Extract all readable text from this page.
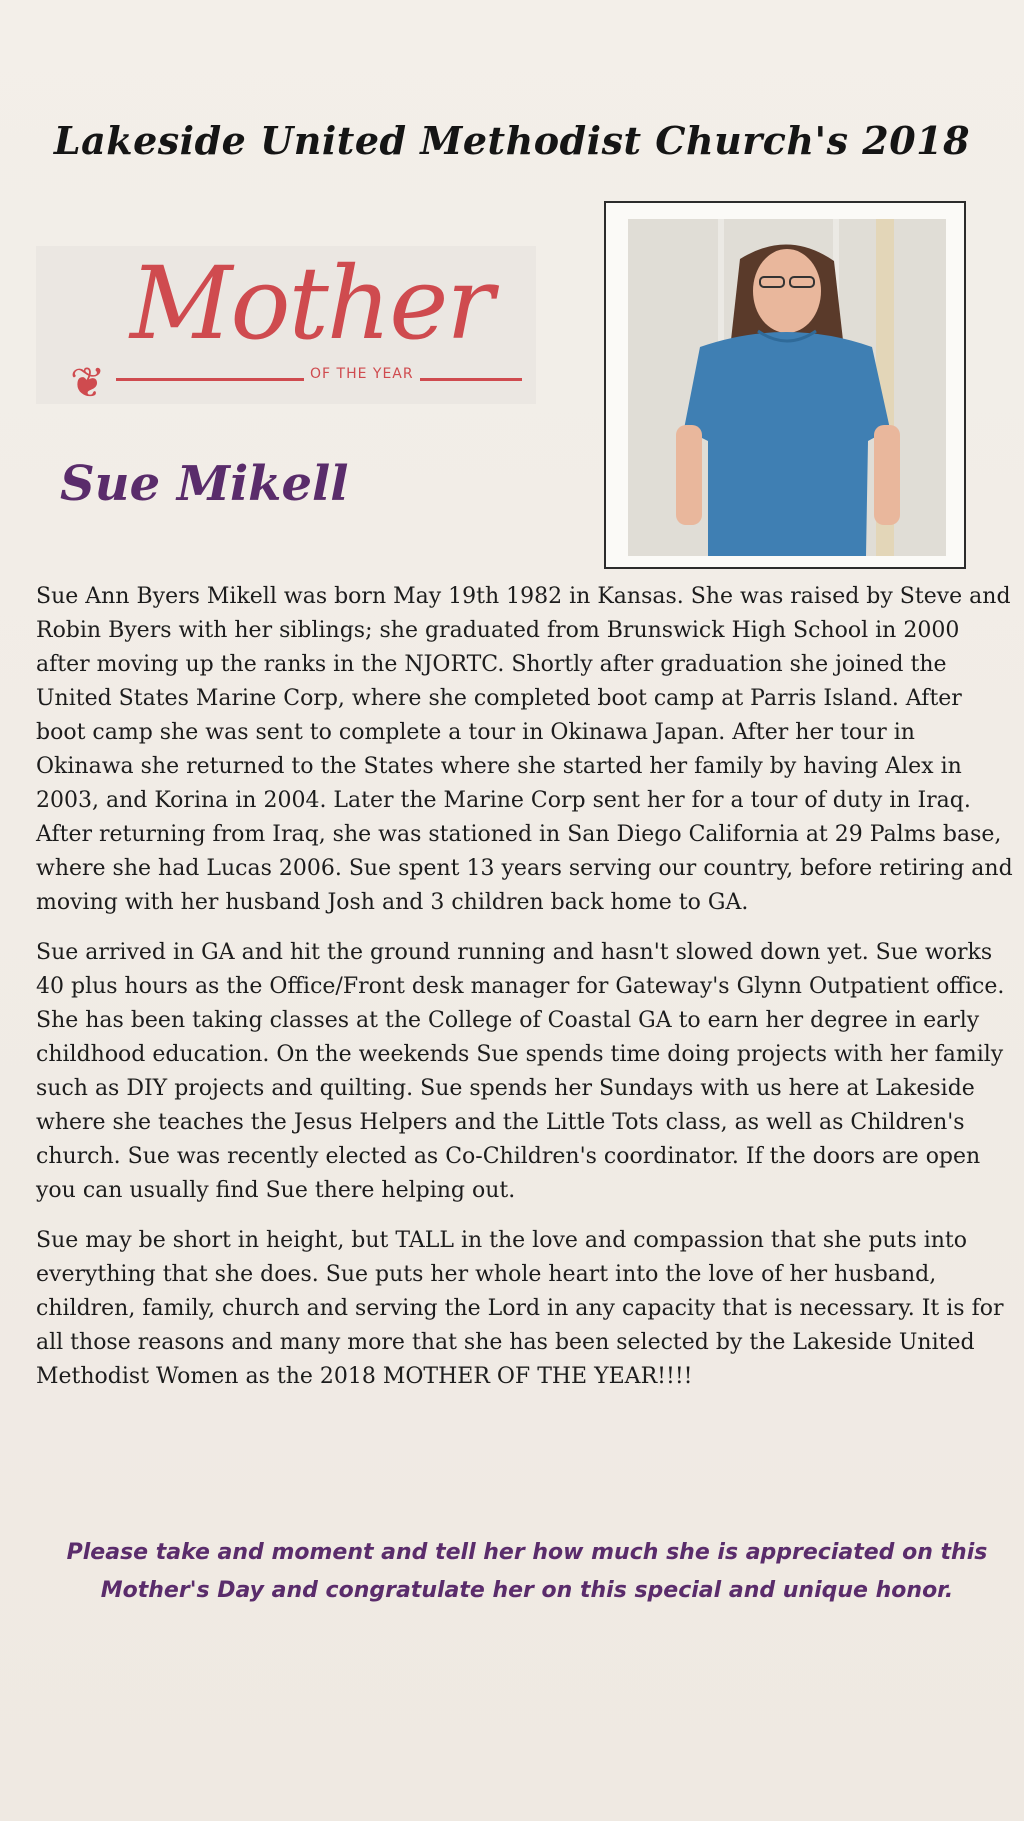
Lakeside United Methodist Church's 2018
Mother
❦	OF THE YEAR
Sue Mikell

Sue Ann Byers Mikell was born May 19th 1982 in Kansas. She was raised by Steve and Robin Byers with her siblings; she graduated from Brunswick High School in 2000 after moving up the ranks in the NJORTC. Shortly after graduation she joined the United States Marine Corp, where she completed boot camp at Parris Island. After boot camp she was sent to complete a tour in Okinawa Japan. After her tour in Okinawa she returned to the States where she started her family by having Alex in 2003, and Korina in 2004. Later the Marine Corp sent her for a tour of duty in Iraq. After returning from Iraq, she was stationed in San Diego California at 29 Palms base, where she had Lucas 2006. Sue spent 13 years serving our country, before retiring and moving with her husband Josh and 3 children back home to GA.

Sue arrived in GA and hit the ground running and hasn't slowed down yet. Sue works 40 plus hours as the Office/Front desk manager for Gateway's Glynn Outpatient office. She has been taking classes at the College of Coastal GA to earn her degree in early childhood education. On the weekends Sue spends time doing projects with her family such as DIY projects and quilting. Sue spends her Sundays with us here at Lakeside where she teaches the Jesus Helpers and the Little Tots class, as well as Children's church. Sue was recently elected as Co-Children's coordinator. If the doors are open you can usually find Sue there helping out.

Sue may be short in height, but TALL in the love and compassion that she puts into everything that she does. Sue puts her whole heart into the love of her husband, children, family, church and serving the Lord in any capacity that is necessary. It is for all those reasons and many more that she has been selected by the Lakeside United Methodist Women as the 2018 MOTHER OF THE YEAR!!!!

Please take and moment and tell her how much she is appreciated on this
Mother's Day and congratulate her on this special and unique honor.
